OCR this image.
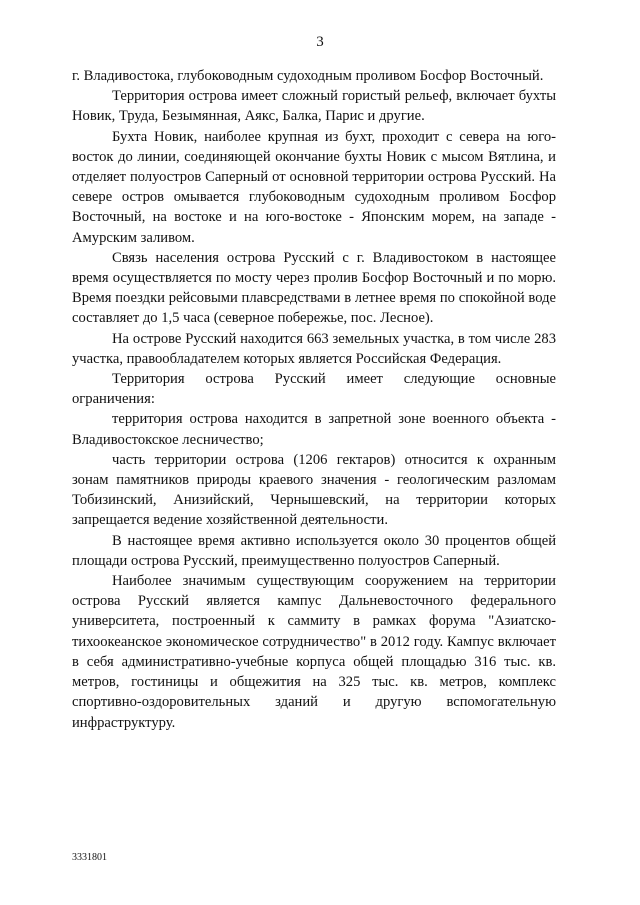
3

г. Владивостока, глубоководным судоходным проливом Босфор Восточный.

Территория острова имеет сложный гористый рельеф, включает бухты Новик, Труда, Безымянная, Аякс, Балка, Парис и другие.

Бухта Новик, наиболее крупная из бухт, проходит с севера на юго-восток до линии, соединяющей окончание бухты Новик с мысом Вятлина, и отделяет полуостров Саперный от основной территории острова Русский. На севере остров омывается глубоководным судоходным проливом Босфор Восточный, на востоке и на юго-востоке - Японским морем, на западе - Амурским заливом.

Связь населения острова Русский с г. Владивостоком в настоящее время осуществляется по мосту через пролив Босфор Восточный и по морю. Время поездки рейсовыми плавсредствами в летнее время по спокойной воде составляет до 1,5 часа (северное побережье, пос. Лесное).

На острове Русский находится 663 земельных участка, в том числе 283 участка, правообладателем которых является Российская Федерация.

Территория острова Русский имеет следующие основные ограничения:

территория острова находится в запретной зоне военного объекта - Владивостокское лесничество;

часть территории острова (1206 гектаров) относится к охранным зонам памятников природы краевого значения - геологическим разломам Тобизинский, Анизийский, Чернышевский, на территории которых запрещается ведение хозяйственной деятельности.

В настоящее время активно используется около 30 процентов общей площади острова Русский, преимущественно полуостров Саперный.

Наиболее значимым существующим сооружением на территории острова Русский является кампус Дальневосточного федерального университета, построенный к саммиту в рамках форума "Азиатско-тихоокеанское экономическое сотрудничество" в 2012 году. Кампус включает в себя административно-учебные корпуса общей площадью 316 тыс. кв. метров, гостиницы и общежития на 325 тыс. кв. метров, комплекс спортивно-оздоровительных зданий и другую вспомогательную инфраструктуру.

3331801
